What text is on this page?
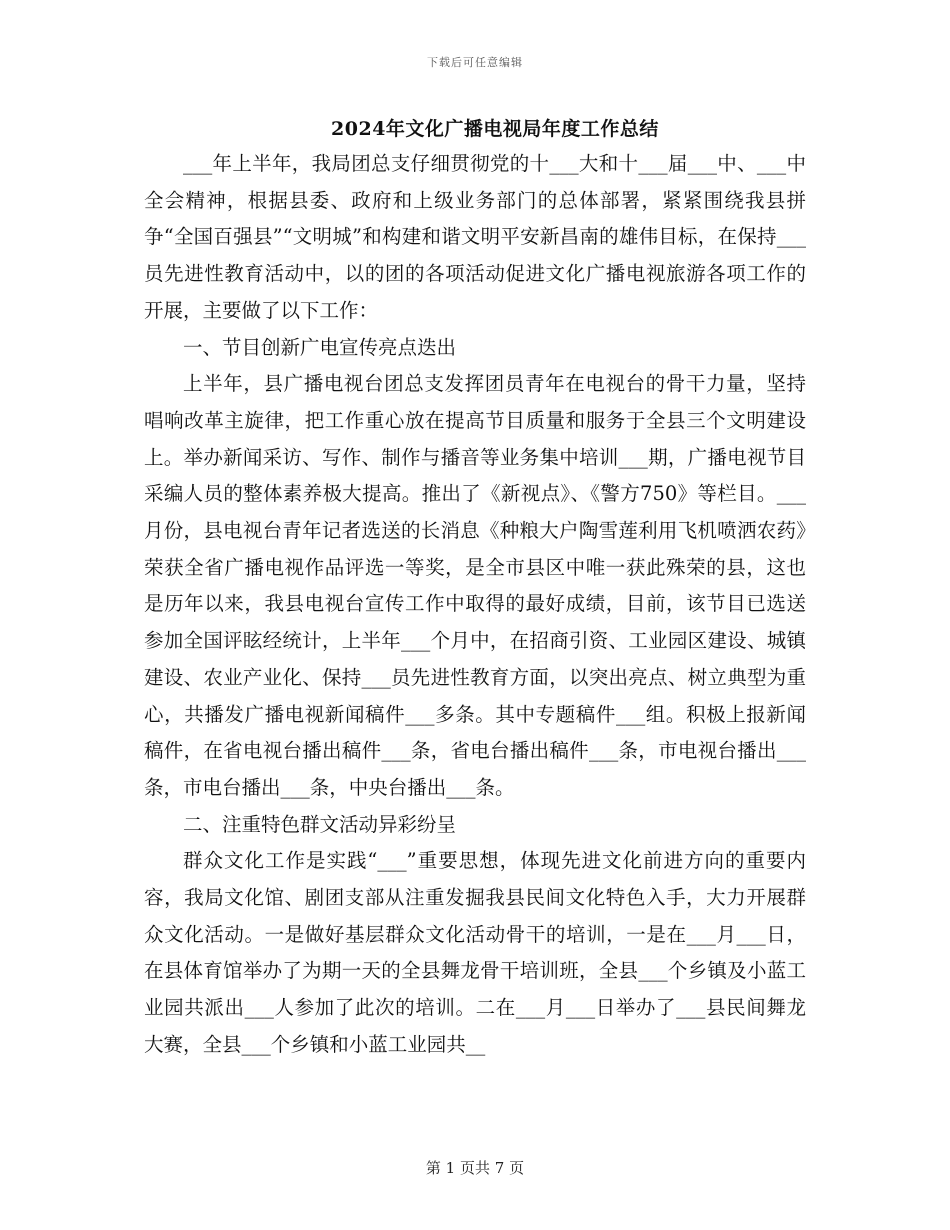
下载后可任意编辑
2024年文化广播电视局年度工作总结

___年上半年，我局团总支仔细贯彻党的十___大和十___届___中、___中全会精神，根据县委、政府和上级业务部门的总体部署，紧紧围绕我县拼争“全国百强县”“文明城”和构建和谐文明平安新昌南的雄伟目标，在保持___员先进性教育活动中，以的团的各项活动促进文化广播电视旅游各项工作的开展，主要做了以下工作：

一、节目创新广电宣传亮点迭出

上半年，县广播电视台团总支发挥团员青年在电视台的骨干力量，坚持唱响改革主旋律，把工作重心放在提高节目质量和服务于全县三个文明建设上。举办新闻采访、写作、制作与播音等业务集中培训___期，广播电视节目采编人员的整体素养极大提高。推出了《新视点》、《警方750》等栏目。___月份，县电视台青年记者选送的长消息《种粮大户陶雪莲利用飞机喷洒农药》荣获全省广播电视作品评选一等奖，是全市县区中唯一获此殊荣的县，这也是历年以来，我县电视台宣传工作中取得的最好成绩，目前，该节目已选送参加全国评眩经统计，上半年___个月中，在招商引资、工业园区建设、城镇建设、农业产业化、保持___员先进性教育方面，以突出亮点、树立典型为重心，共播发广播电视新闻稿件___多条。其中专题稿件___组。积极上报新闻稿件，在省电视台播出稿件___条，省电台播出稿件___条，市电视台播出___条，市电台播出___条，中央台播出___条。

二、注重特色群文活动异彩纷呈

群众文化工作是实践“___”重要思想，体现先进文化前进方向的重要内容，我局文化馆、剧团支部从注重发掘我县民间文化特色入手，大力开展群众文化活动。一是做好基层群众文化活动骨干的培训，一是在___月___日，在县体育馆举办了为期一天的全县舞龙骨干培训班，全县___个乡镇及小蓝工业园共派出___人参加了此次的培训。二在___月___日举办了___县民间舞龙大赛，全县___个乡镇和小蓝工业园共__

第 1 页共 7 页
